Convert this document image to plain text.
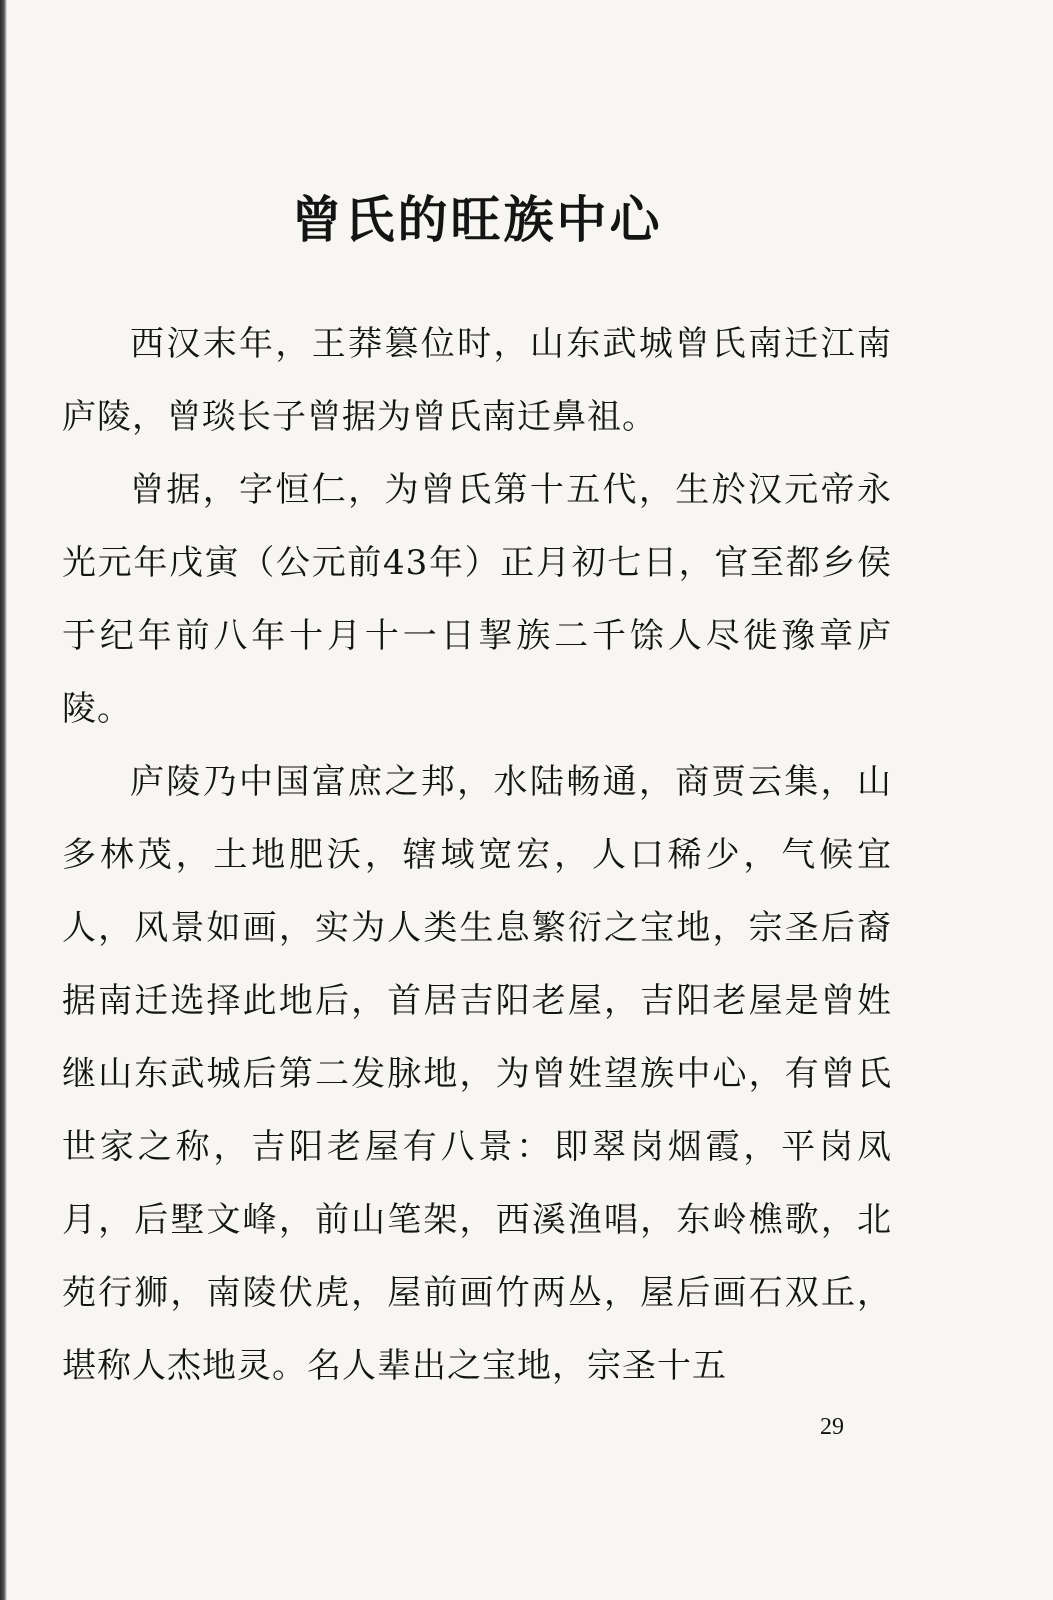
曾氏的旺族中心

西汉末年，王莽篡位时，山东武城曾氏南迁江南庐陵，曾琰长子曾据为曾氏南迁鼻祖。

曾据，字恒仁，为曾氏第十五代，生於汉元帝永光元年戊寅（公元前43年）正月初七日，官至都乡侯于纪年前八年十月十一日挈族二千馀人尽徙豫章庐陵。

庐陵乃中国富庶之邦，水陆畅通，商贾云集，山多林茂，土地肥沃，辖域宽宏，人口稀少，气候宜人，风景如画，实为人类生息繁衍之宝地，宗圣后裔据南迁选择此地后，首居吉阳老屋，吉阳老屋是曾姓继山东武城后第二发脉地，为曾姓望族中心，有曾氏世家之称，吉阳老屋有八景：即翠岗烟霞，平岗凤月，后墅文峰，前山笔架，西溪渔唱，东岭樵歌，北苑行狮，南陵伏虎，屋前画竹两丛，屋后画石双丘，堪称人杰地灵。名人辈出之宝地，宗圣十五

29
